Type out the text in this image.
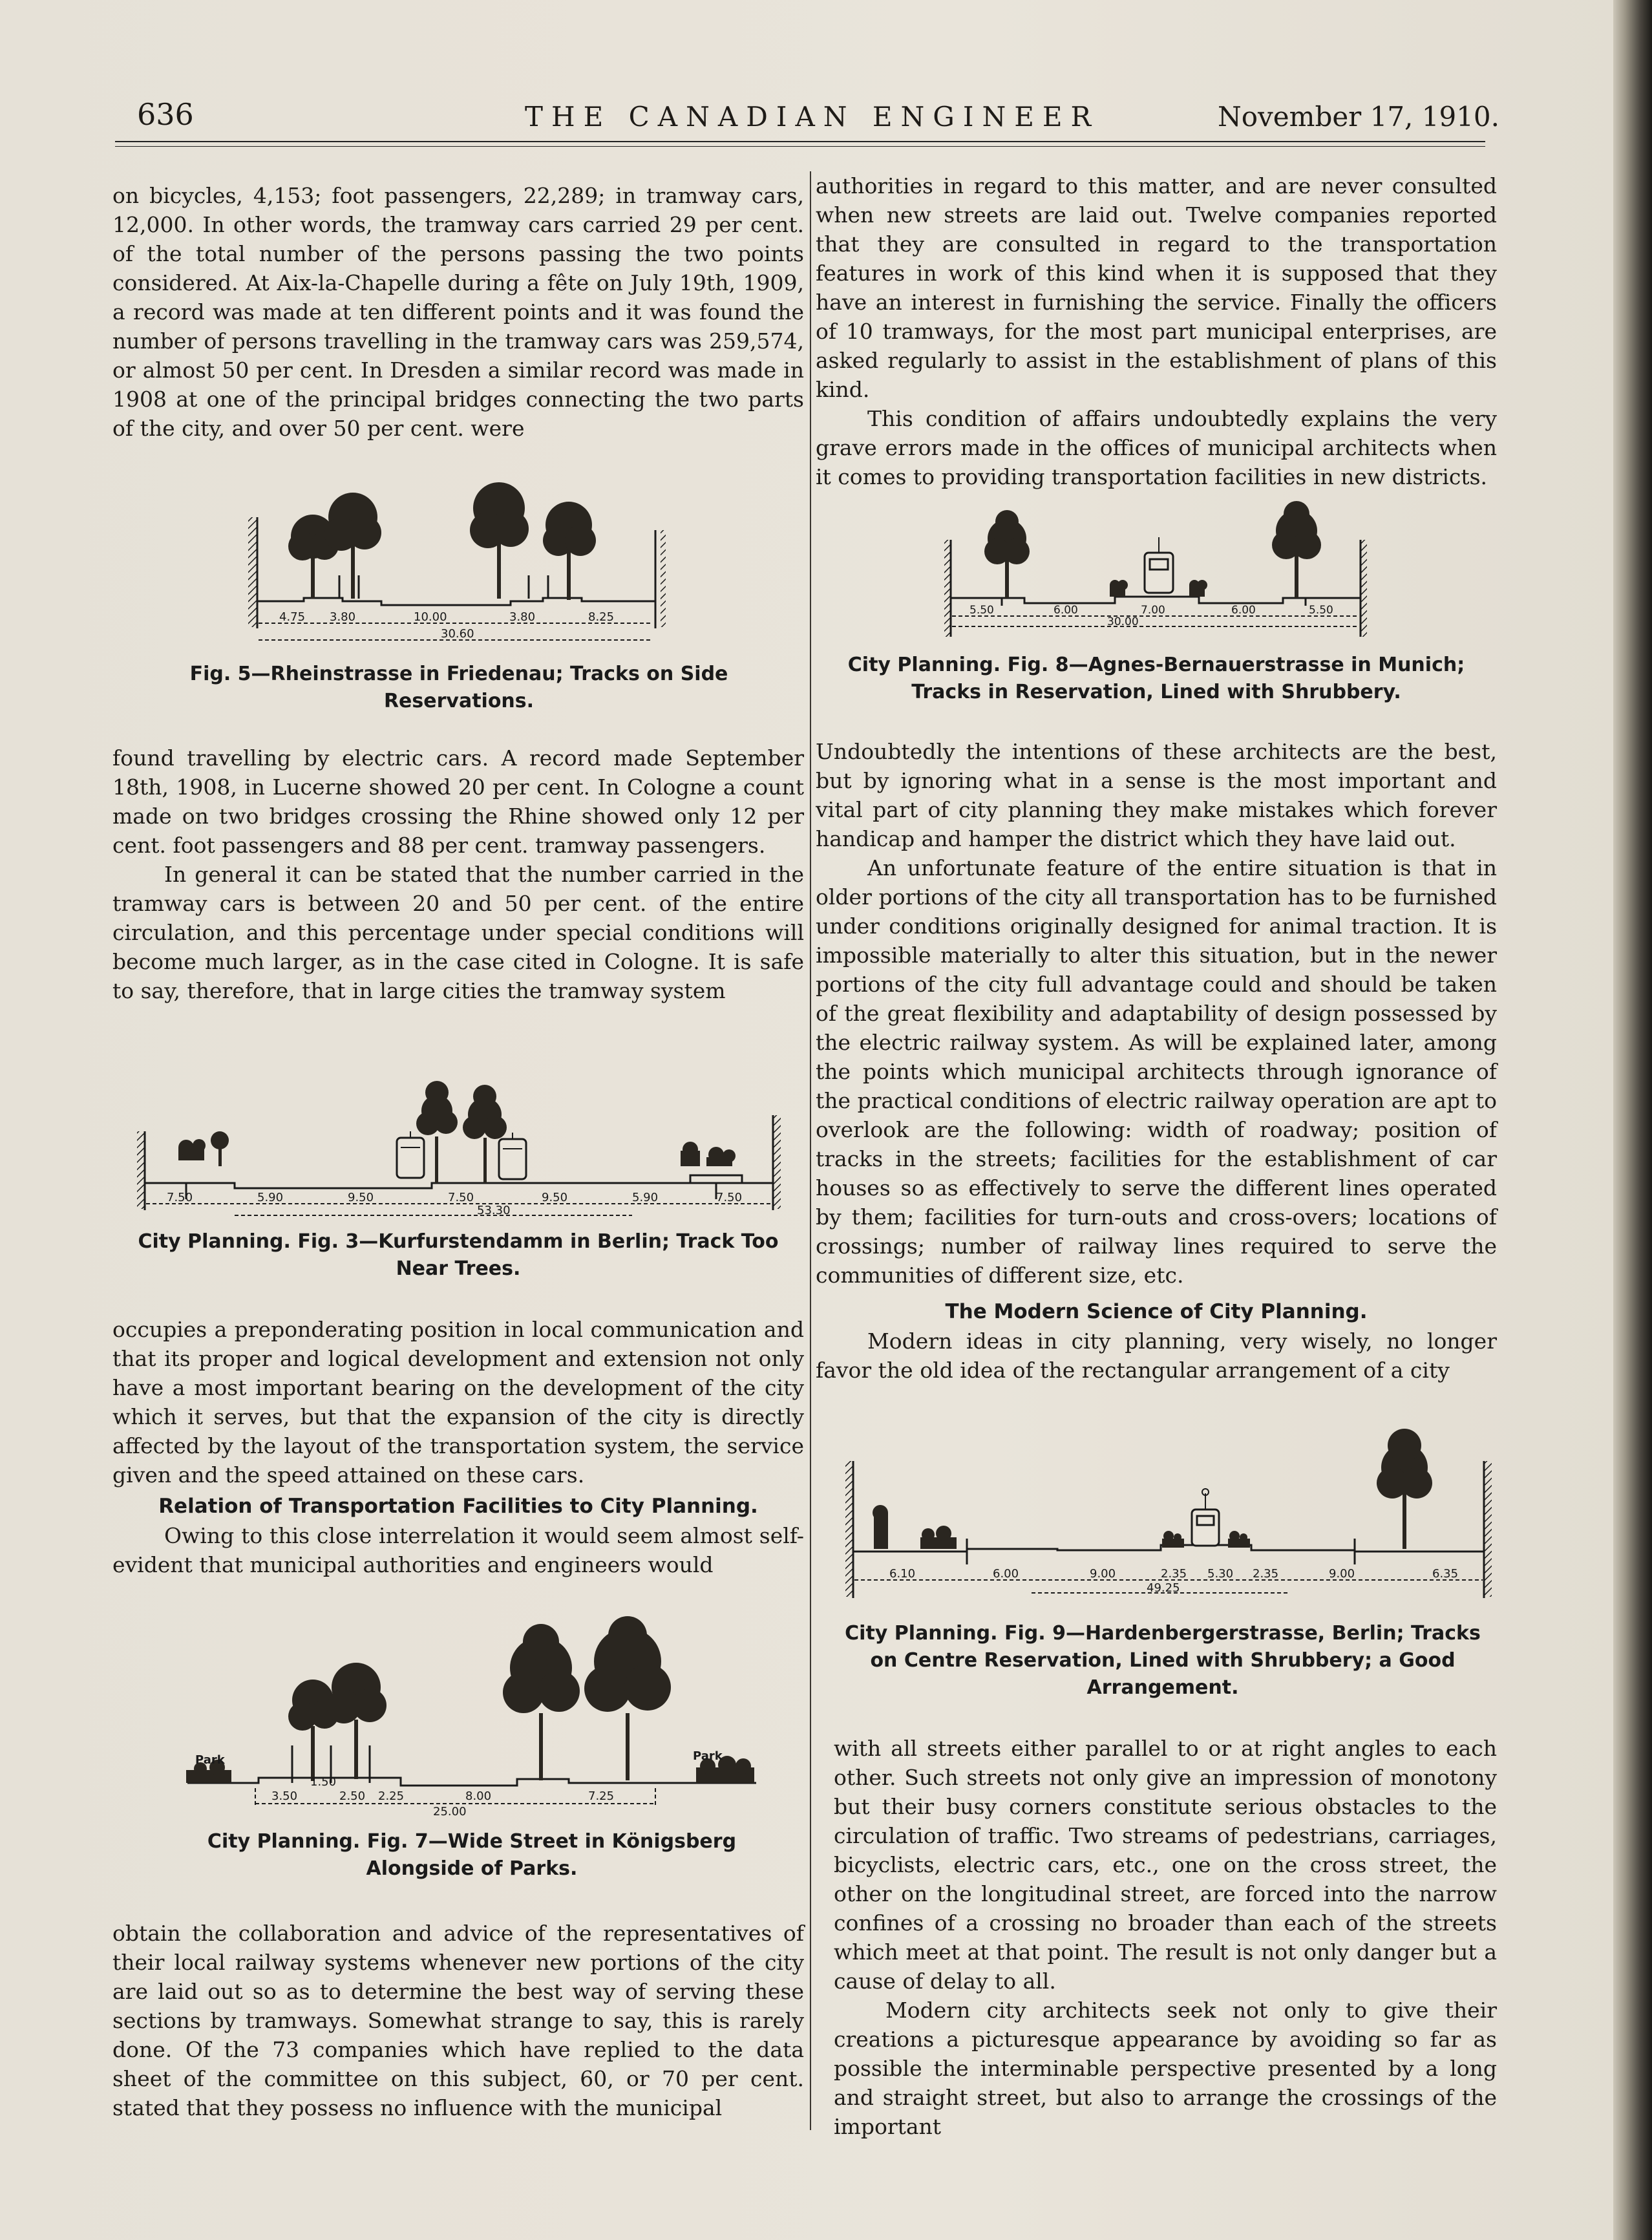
636	THE CANADIAN ENGINEER	November 17, 1910.

on bicycles, 4,153; foot passengers, 22,289; in tramway cars, 12,000. In other words, the tramway cars carried 29 per cent. of the total number of the persons passing the two points considered. At Aix-la-Chapelle during a fête on July 19th, 1909, a record was made at ten different points and it was found the number of persons travelling in the tramway cars was 259,574, or almost 50 per cent. In Dresden a similar record was made in 1908 at one of the principal bridges connecting the two parts of the city, and over 50 per cent. were

4.75 3.80	10.00	3.80	8.25
30.60
Fig. 5—Rheinstrasse in Friedenau; Tracks on Side Reservations.

found travelling by electric cars. A record made September 18th, 1908, in Lucerne showed 20 per cent. In Cologne a count made on two bridges crossing the Rhine showed only 12 per cent. foot passengers and 88 per cent. tramway passengers.

In general it can be stated that the number carried in the tramway cars is between 20 and 50 per cent. of the entire circulation, and this percentage under special conditions will become much larger, as in the case cited in Cologne. It is safe to say, therefore, that in large cities the tramway system

7.50	5.90	9.50	7.50	9.50	5.90	7.50
53.30
City Planning. Fig. 3—Kurfurstendamm in Berlin; Track Too Near Trees.

occupies a preponderating position in local communication and that its proper and logical development and extension not only have a most important bearing on the development of the city which it serves, but that the expansion of the city is directly affected by the layout of the transportation system, the service given and the speed attained on these cars.

Relation of Transportation Facilities to City Planning.

Owing to this close interrelation it would seem almost self-evident that municipal authorities and engineers would

Park	Park
3.50
1.50
2.50 2.25	8.00	7.25
25.00
City Planning. Fig. 7—Wide Street in Königsberg Alongside of Parks.

obtain the collaboration and advice of the representatives of their local railway systems whenever new portions of the city are laid out so as to determine the best way of serving these sections by tramways. Somewhat strange to say, this is rarely done. Of the 73 companies which have replied to the data sheet of the committee on this subject, 60, or 70 per cent. stated that they possess no influence with the municipal

authorities in regard to this matter, and are never consulted when new streets are laid out. Twelve companies reported that they are consulted in regard to the transportation features in work of this kind when it is supposed that they have an interest in furnishing the service. Finally the officers of 10 tramways, for the most part municipal enterprises, are asked regularly to assist in the establishment of plans of this kind.

This condition of affairs undoubtedly explains the very grave errors made in the offices of municipal architects when it comes to providing transportation facilities in new districts.

5.50	6.00	7.00	6.00	5.50
30.00
City Planning. Fig. 8—Agnes-Bernauerstrasse in Munich; Tracks in Reservation, Lined with Shrubbery.

Undoubtedly the intentions of these architects are the best, but by ignoring what in a sense is the most important and vital part of city planning they make mistakes which forever handicap and hamper the district which they have laid out.

An unfortunate feature of the entire situation is that in older portions of the city all transportation has to be furnished under conditions originally designed for animal traction. It is impossible materially to alter this situation, but in the newer portions of the city full advantage could and should be taken of the great flexibility and adaptability of design possessed by the electric railway system. As will be explained later, among the points which municipal architects through ignorance of the practical conditions of electric railway operation are apt to overlook are the following: width of roadway; position of tracks in the streets; facilities for the establishment of car houses so as effectively to serve the different lines operated by them; facilities for turn-outs and cross-overs; locations of crossings; number of railway lines required to serve the communities of different size, etc.

The Modern Science of City Planning.

Modern ideas in city planning, very wisely, no longer favor the old idea of the rectangular arrangement of a city

6.10	6.00	9.00	2.35 5.30 2.35	9.00	6.35
49.25
City Planning. Fig. 9—Hardenbergerstrasse, Berlin; Tracks on Centre Reservation, Lined with Shrubbery; a Good Arrangement.

with all streets either parallel to or at right angles to each other. Such streets not only give an impression of monotony but their busy corners constitute serious obstacles to the circulation of traffic. Two streams of pedestrians, carriages, bicyclists, electric cars, etc., one on the cross street, the other on the longitudinal street, are forced into the narrow confines of a crossing no broader than each of the streets which meet at that point. The result is not only danger but a cause of delay to all.

Modern city architects seek not only to give their creations a picturesque appearance by avoiding so far as possible the interminable perspective presented by a long and straight street, but also to arrange the crossings of the important
